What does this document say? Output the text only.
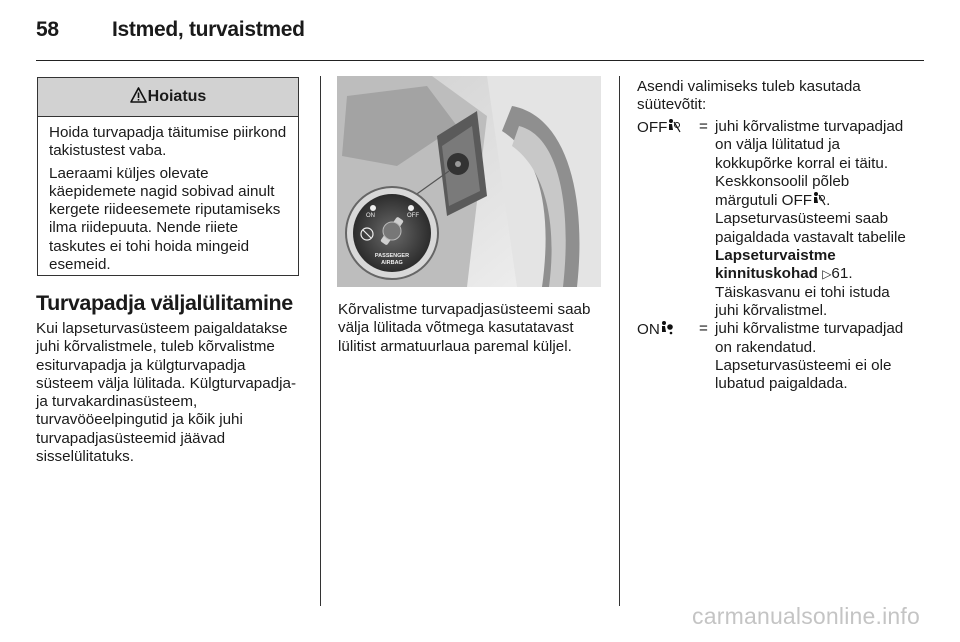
58	Istmed, turvaistmed
Hoiatus

Hoida turvapadja täitumise piirkond takistustest vaba.

Laeraami küljes olevate käepidemete nagid sobivad ainult kergete riideesemete riputamiseks ilma riidepuuta. Nende riiete taskutes ei tohi hoida mingeid esemeid.

Turvapadja väljalülitamine

Kui lapseturvasüsteem paigaldatakse juhi kõrvalistmele, tuleb kõrvalistme esiturvapadja ja külgturvapadja süsteem välja lülitada. Külgturvapadja- ja turvakardinasüsteem, turvavööeelpingutid ja kõik juhi turvapadjasüsteemid jäävad sisselülitatuks.

ON	OFF
PASSENGER
AIRBAG

Kõrvalistme turvapadjasüsteemi saab välja lülitada võtmega kasutatavast lülitist armatuurlaua paremal küljel.

Asendi valimiseks tuleb kasutada süütevõtit:

OFF	= juhi kõrvalistme turvapadjad on välja lülitatud ja kokkupõrke korral ei täitu.
Keskkonsoolil põleb märgutuli OFF .
Lapseturvasüsteemi saab paigaldada vastavalt tabelile Lapseturvaistme kinnituskohad ▷61.
Täiskasvanu ei tohi istuda juhi kõrvalistmel.
ON	= juhi kõrvalistme turvapadjad on rakendatud.
Lapseturvasüsteemi ei ole lubatud paigaldada.
carmanualsonline.info
